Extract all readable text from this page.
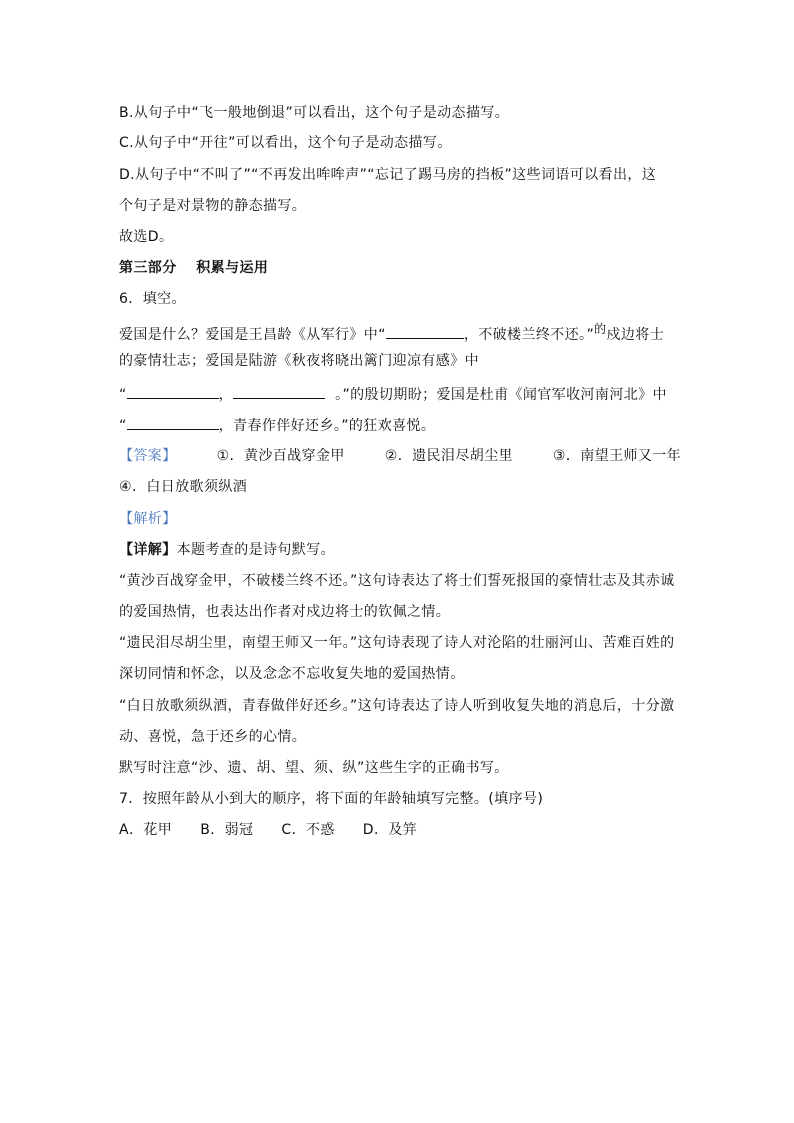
B.从句子中“飞一般地倒退”可以看出，这个句子是动态描写。
C.从句子中“开往”可以看出，这个句子是动态描写。
D.从句子中“不叫了”“不再发出哞哞声”“忘记了踢马房的挡板”这些词语可以看出，这
个句子是对景物的静态描写。
故选D。
第三部分　 积累与运用
6．填空。
爱国是什么？爱国是王昌龄《从军行》中“	，不破楼兰终不还。”的戍边将士
的豪情壮志；爱国是陆游《秋夜将晓出篱门迎凉有感》中
“	，	。”的殷切期盼；爱国是杜甫《闻官军收河南河北》中
“	，青春作伴好还乡。”的狂欢喜悦。
【答案】	①．黄沙百战穿金甲	②．遗民泪尽胡尘里	③．南望王师又一年
④．白日放歌须纵酒
【解析】
【详解】本题考查的是诗句默写。
“黄沙百战穿金甲，不破楼兰终不还。”这句诗表达了将士们誓死报国的豪情壮志及其赤诚
的爱国热情，也表达出作者对戍边将士的钦佩之情。
“遗民泪尽胡尘里，南望王师又一年。”这句诗表现了诗人对沦陷的壮丽河山、苦难百姓的
深切同情和怀念，以及念念不忘收复失地的爱国热情。
“白日放歌须纵酒，青春做伴好还乡。”这句诗表达了诗人听到收复失地的消息后，十分激
动、喜悦，急于还乡的心情。
默写时注意“沙、遗、胡、望、须、纵”这些生字的正确书写。
7．按照年龄从小到大的顺序，将下面的年龄轴填写完整。(填序号)
A．花甲 B．弱冠 C．不惑 D．及笄
